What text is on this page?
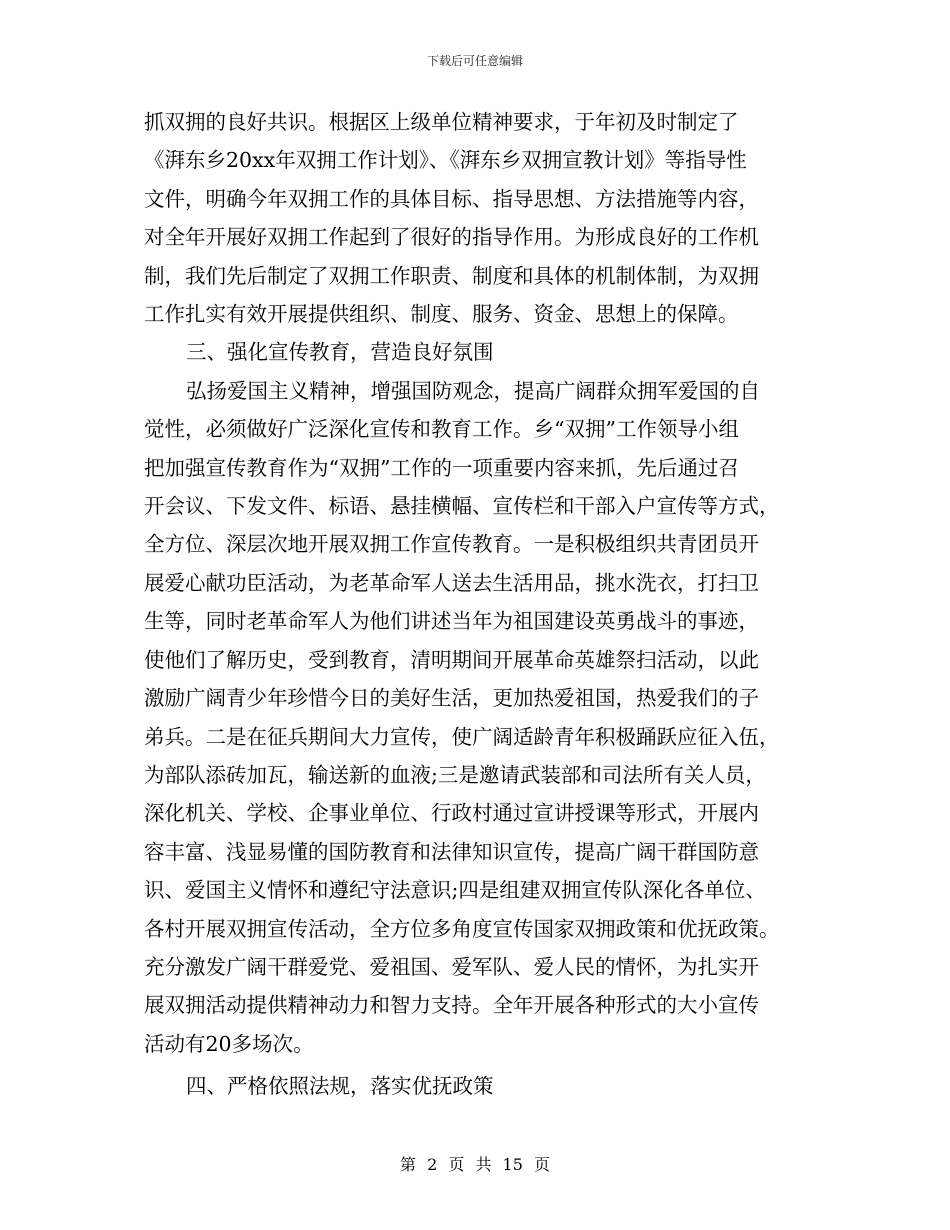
下载后可任意编辑

抓双拥的良好共识。根据区上级单位精神要求，于年初及时制定了

《湃东乡20xx年双拥工作计划》、《湃东乡双拥宣教计划》等指导性

文件，明确今年双拥工作的具体目标、指导思想、方法措施等内容，

对全年开展好双拥工作起到了很好的指导作用。为形成良好的工作机

制，我们先后制定了双拥工作职责、制度和具体的机制体制，为双拥

工作扎实有效开展提供组织、制度、服务、资金、思想上的保障。

三、强化宣传教育，营造良好氛围

弘扬爱国主义精神，增强国防观念，提高广阔群众拥军爱国的自

觉性，必须做好广泛深化宣传和教育工作。乡“双拥”工作领导小组

把加强宣传教育作为“双拥”工作的一项重要内容来抓，先后通过召

开会议、下发文件、标语、悬挂横幅、宣传栏和干部入户宣传等方式，

全方位、深层次地开展双拥工作宣传教育。一是积极组织共青团员开

展爱心献功臣活动，为老革命军人送去生活用品，挑水洗衣，打扫卫

生等，同时老革命军人为他们讲述当年为祖国建设英勇战斗的事迹，

使他们了解历史，受到教育，清明期间开展革命英雄祭扫活动，以此

激励广阔青少年珍惜今日的美好生活，更加热爱祖国，热爱我们的子

弟兵。二是在征兵期间大力宣传，使广阔适龄青年积极踊跃应征入伍，

为部队添砖加瓦，输送新的血液;三是邀请武装部和司法所有关人员，

深化机关、学校、企事业单位、行政村通过宣讲授课等形式，开展内

容丰富、浅显易懂的国防教育和法律知识宣传，提高广阔干群国防意

识、爱国主义情怀和遵纪守法意识;四是组建双拥宣传队深化各单位、

各村开展双拥宣传活动，全方位多角度宣传国家双拥政策和优抚政策。

充分激发广阔干群爱党、爱祖国、爱军队、爱人民的情怀，为扎实开

展双拥活动提供精神动力和智力支持。全年开展各种形式的大小宣传

活动有20多场次。

四、严格依照法规，落实优抚政策

第 2 页 共 15 页
